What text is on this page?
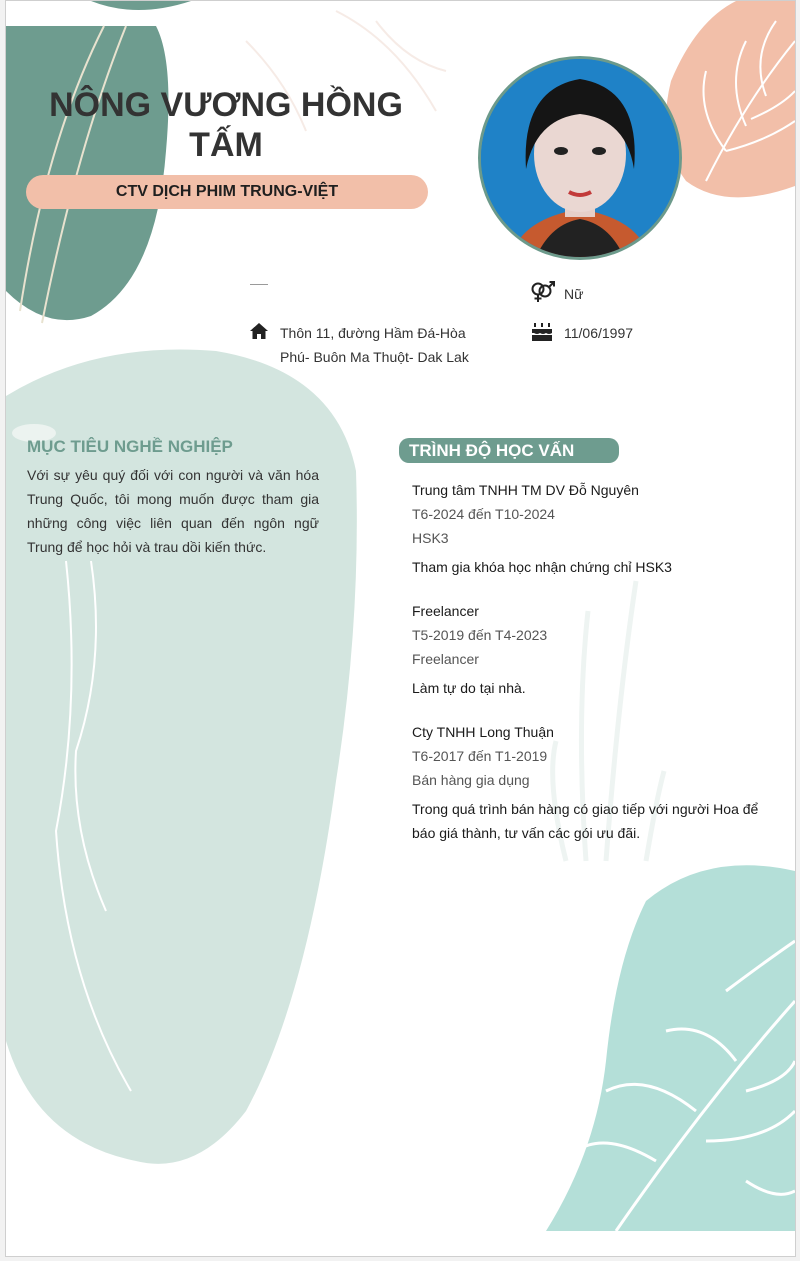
NÔNG VƯƠNG HỒNG TẤM
CTV DỊCH PHIM TRUNG-VIỆT
Thôn 11, đường Hầm Đá-Hòa Phú- Buôn Ma Thuột- Dak Lak
Nữ
11/06/1997
MỤC TIÊU NGHỀ NGHIỆP
Với sự yêu quý đối với con người và văn hóa Trung Quốc, tôi mong muốn được tham gia những công việc liên quan đến ngôn ngữ Trung để học hỏi và trau dồi kiến thức.
TRÌNH ĐỘ HỌC VẤN
Trung tâm TNHH TM DV Đỗ Nguyên
T6-2024 đến T10-2024
HSK3
Tham gia khóa học nhận chứng chỉ HSK3
Freelancer
T5-2019 đến T4-2023
Freelancer
Làm tự do tại nhà.
Cty TNHH Long Thuận
T6-2017 đến T1-2019
Bán hàng gia dụng
Trong quá trình bán hàng có giao tiếp với người Hoa để báo giá thành, tư vấn các gói ưu đãi.
